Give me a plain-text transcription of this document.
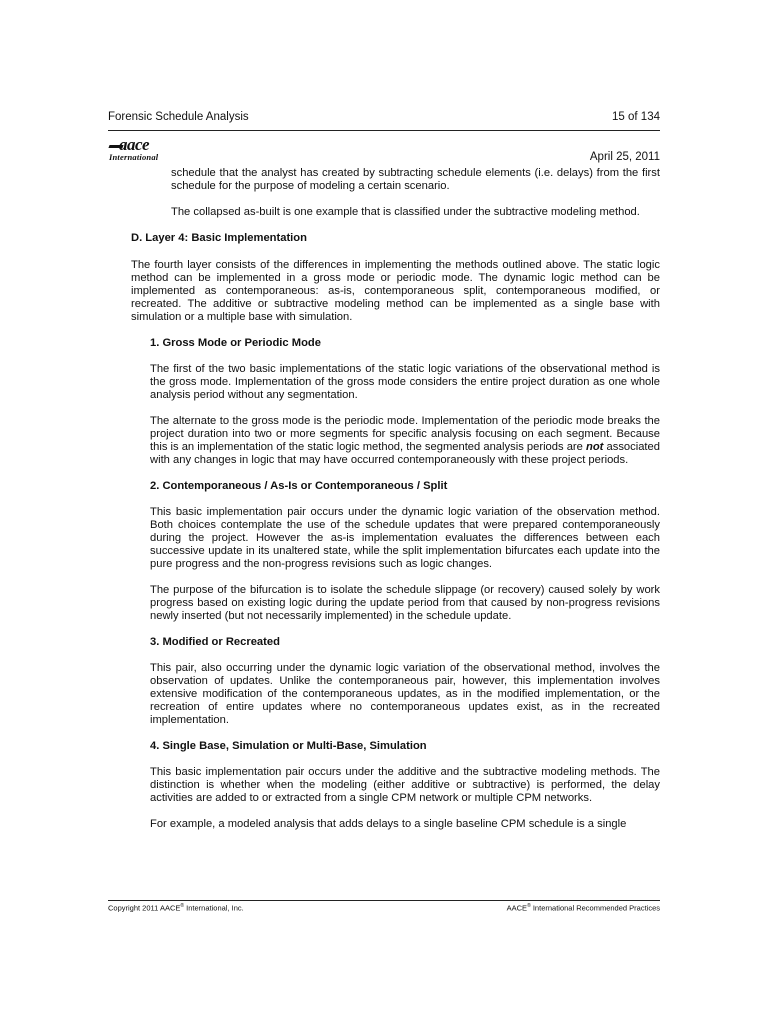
Forensic Schedule Analysis	15 of 134
aace
International	April 25, 2011

schedule that the analyst has created by subtracting schedule elements (i.e. delays) from the first schedule for the purpose of modeling a certain scenario.

The collapsed as-built is one example that is classified under the subtractive modeling method.

D. Layer 4: Basic Implementation

The fourth layer consists of the differences in implementing the methods outlined above. The static logic method can be implemented in a gross mode or periodic mode. The dynamic logic method can be implemented as contemporaneous: as-is, contemporaneous split, contemporaneous modified, or recreated. The additive or subtractive modeling method can be implemented as a single base with simulation or a multiple base with simulation.

1. Gross Mode or Periodic Mode

The first of the two basic implementations of the static logic variations of the observational method is the gross mode. Implementation of the gross mode considers the entire project duration as one whole analysis period without any segmentation.

The alternate to the gross mode is the periodic mode. Implementation of the periodic mode breaks the project duration into two or more segments for specific analysis focusing on each segment. Because this is an implementation of the static logic method, the segmented analysis periods are not associated with any changes in logic that may have occurred contemporaneously with these project periods.

2. Contemporaneous / As-Is or Contemporaneous / Split

This basic implementation pair occurs under the dynamic logic variation of the observation method. Both choices contemplate the use of the schedule updates that were prepared contemporaneously during the project. However the as-is implementation evaluates the differences between each successive update in its unaltered state, while the split implementation bifurcates each update into the pure progress and the non-progress revisions such as logic changes.

The purpose of the bifurcation is to isolate the schedule slippage (or recovery) caused solely by work progress based on existing logic during the update period from that caused by non-progress revisions newly inserted (but not necessarily implemented) in the schedule update.

3. Modified or Recreated

This pair, also occurring under the dynamic logic variation of the observational method, involves the observation of updates. Unlike the contemporaneous pair, however, this implementation involves extensive modification of the contemporaneous updates, as in the modified implementation, or the recreation of entire updates where no contemporaneous updates exist, as in the recreated implementation.

4. Single Base, Simulation or Multi-Base, Simulation

This basic implementation pair occurs under the additive and the subtractive modeling methods. The distinction is whether when the modeling (either additive or subtractive) is performed, the delay activities are added to or extracted from a single CPM network or multiple CPM networks.

For example, a modeled analysis that adds delays to a single baseline CPM schedule is a single

Copyright 2011 AACE® International, Inc.	AACE® International Recommended Practices
